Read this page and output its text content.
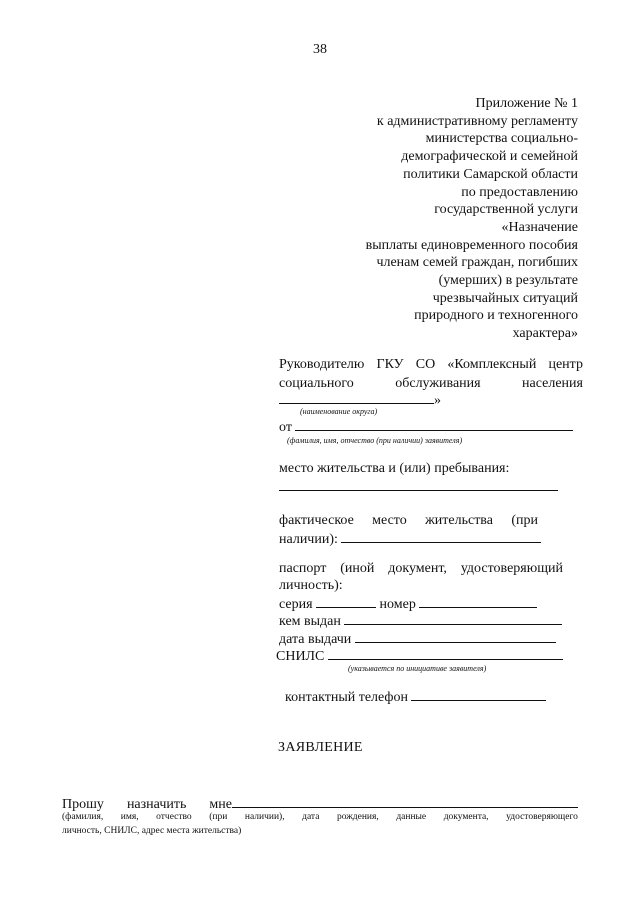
38
Приложение № 1
к административному регламенту
министерства социально-
демографической и семейной
политики Самарской области
по предоставлению
государственной услуги
«Назначение
выплаты единовременного пособия
членам семей граждан, погибших
(умерших) в результате
чрезвычайных ситуаций
природного и техногенного
характера»
Руководителю ГКУ СО «Комплексный центр
социального	обслуживания	населения
»
(наименование округа)
от
(фамилия, имя, отчество (при наличии) заявителя)
место жительства и (или) пребывания:
фактическое место жительства (при
наличии):
паспорт (иной документ, удостоверяющий
личность):
серия	номер
кем выдан
дата выдачи
СНИЛС
(указывается по инициативе заявителя)
контактный телефон
ЗАЯВЛЕНИЕ
Прошу назначить мне
(фамилия, имя, отчество (при наличии), дата рождения, данные документа, удостоверяющего
личность, СНИЛС, адрес места жительства)
